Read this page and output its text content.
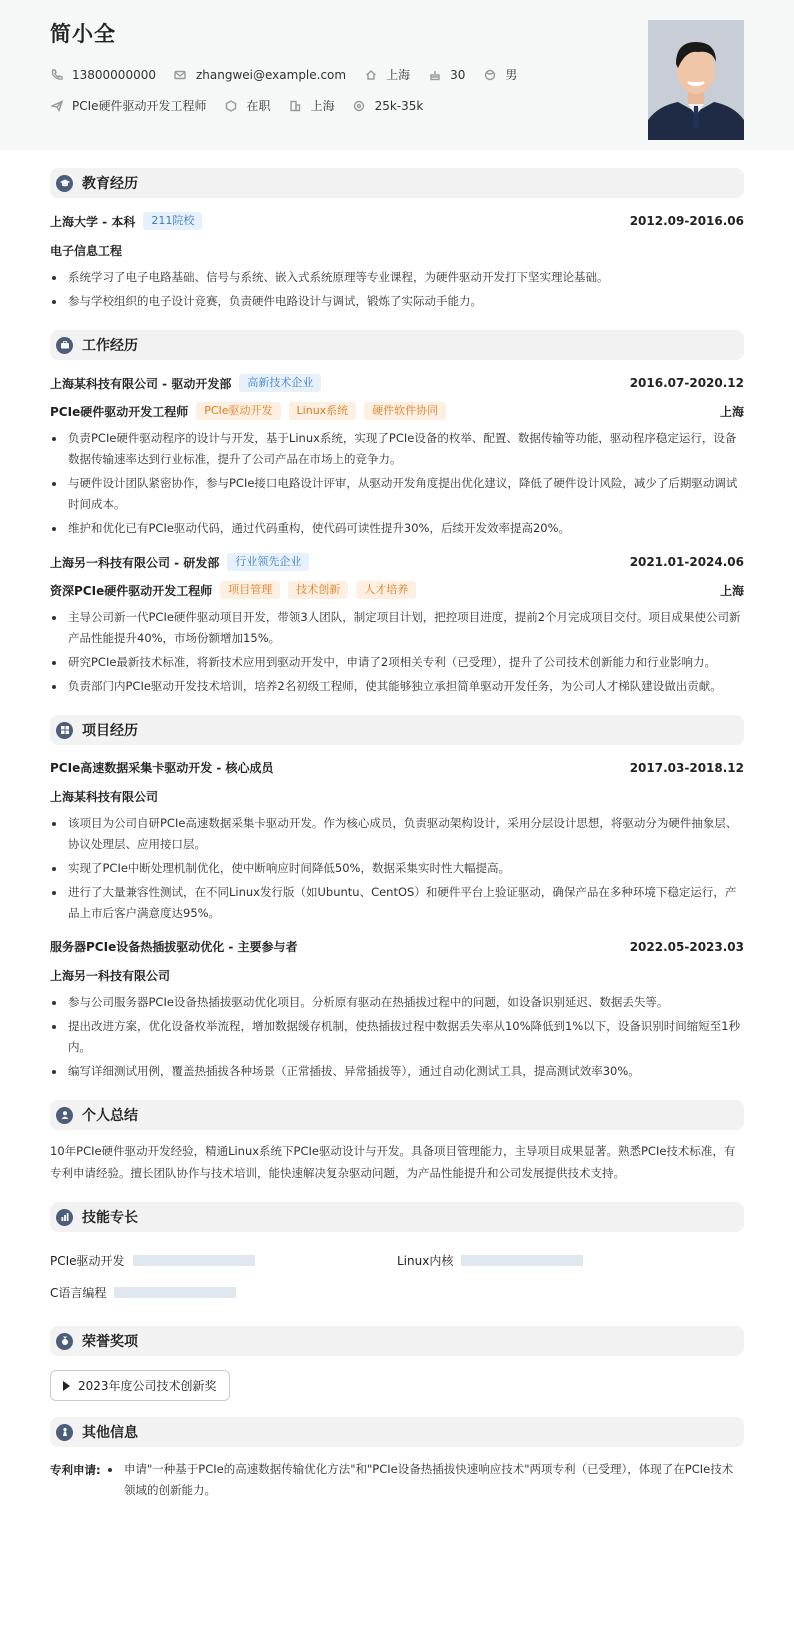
简小全
13800000000	zhangwei@example.com	上海	30	男
PCIe硬件驱动开发工程师	在职	上海	25k-35k
教育经历
上海大学 - 本科	211院校	2012.09-2016.06
电子信息工程
系统学习了电子电路基础、信号与系统、嵌入式系统原理等专业课程，为硬件驱动开发打下坚实理论基础。
参与学校组织的电子设计竞赛，负责硬件电路设计与调试，锻炼了实际动手能力。
工作经历
上海某科技有限公司 - 驱动开发部	高新技术企业	2016.07-2020.12
PCIe硬件驱动开发工程师	PCIe驱动开发	Linux系统	硬件软件协同	上海
负责PCIe硬件驱动程序的设计与开发，基于Linux系统，实现了PCIe设备的枚举、配置、数据传输等功能，驱动程序稳定运行，设备数据传输速率达到行业标准，提升了公司产品在市场上的竞争力。
与硬件设计团队紧密协作，参与PCIe接口电路设计评审，从驱动开发角度提出优化建议，降低了硬件设计风险，减少了后期驱动调试时间成本。
维护和优化已有PCIe驱动代码，通过代码重构，使代码可读性提升30%，后续开发效率提高20%。
上海另一科技有限公司 - 研发部	行业领先企业	2021.01-2024.06
资深PCIe硬件驱动开发工程师	项目管理	技术创新	人才培养	上海
主导公司新一代PCIe硬件驱动项目开发，带领3人团队，制定项目计划，把控项目进度，提前2个月完成项目交付。项目成果使公司新产品性能提升40%，市场份额增加15%。
研究PCIe最新技术标准，将新技术应用到驱动开发中，申请了2项相关专利（已受理），提升了公司技术创新能力和行业影响力。
负责部门内PCIe驱动开发技术培训，培养2名初级工程师，使其能够独立承担简单驱动开发任务，为公司人才梯队建设做出贡献。
项目经历
PCIe高速数据采集卡驱动开发 - 核心成员	2017.03-2018.12
上海某科技有限公司
该项目为公司自研PCIe高速数据采集卡驱动开发。作为核心成员，负责驱动架构设计，采用分层设计思想，将驱动分为硬件抽象层、协议处理层、应用接口层。
实现了PCIe中断处理机制优化，使中断响应时间降低50%，数据采集实时性大幅提高。
进行了大量兼容性测试，在不同Linux发行版（如Ubuntu、CentOS）和硬件平台上验证驱动，确保产品在多种环境下稳定运行，产品上市后客户满意度达95%。
服务器PCIe设备热插拔驱动优化 - 主要参与者	2022.05-2023.03
上海另一科技有限公司
参与公司服务器PCIe设备热插拔驱动优化项目。分析原有驱动在热插拔过程中的问题，如设备识别延迟、数据丢失等。
提出改进方案，优化设备枚举流程，增加数据缓存机制，使热插拔过程中数据丢失率从10%降低到1%以下，设备识别时间缩短至1秒内。
编写详细测试用例，覆盖热插拔各种场景（正常插拔、异常插拔等），通过自动化测试工具，提高测试效率30%。
个人总结
10年PCIe硬件驱动开发经验，精通Linux系统下PCIe驱动设计与开发。具备项目管理能力，主导项目成果显著。熟悉PCIe技术标准，有专利申请经验。擅长团队协作与技术培训，能快速解决复杂驱动问题，为产品性能提升和公司发展提供技术支持。
技能专长
PCIe驱动开发	Linux内核
C语言编程
荣誉奖项
2023年度公司技术创新奖
其他信息
专利申请:	申请"一种基于PCIe的高速数据传输优化方法"和"PCIe设备热插拔快速响应技术"两项专利（已受理），体现了在PCIe技术领域的创新能力。
